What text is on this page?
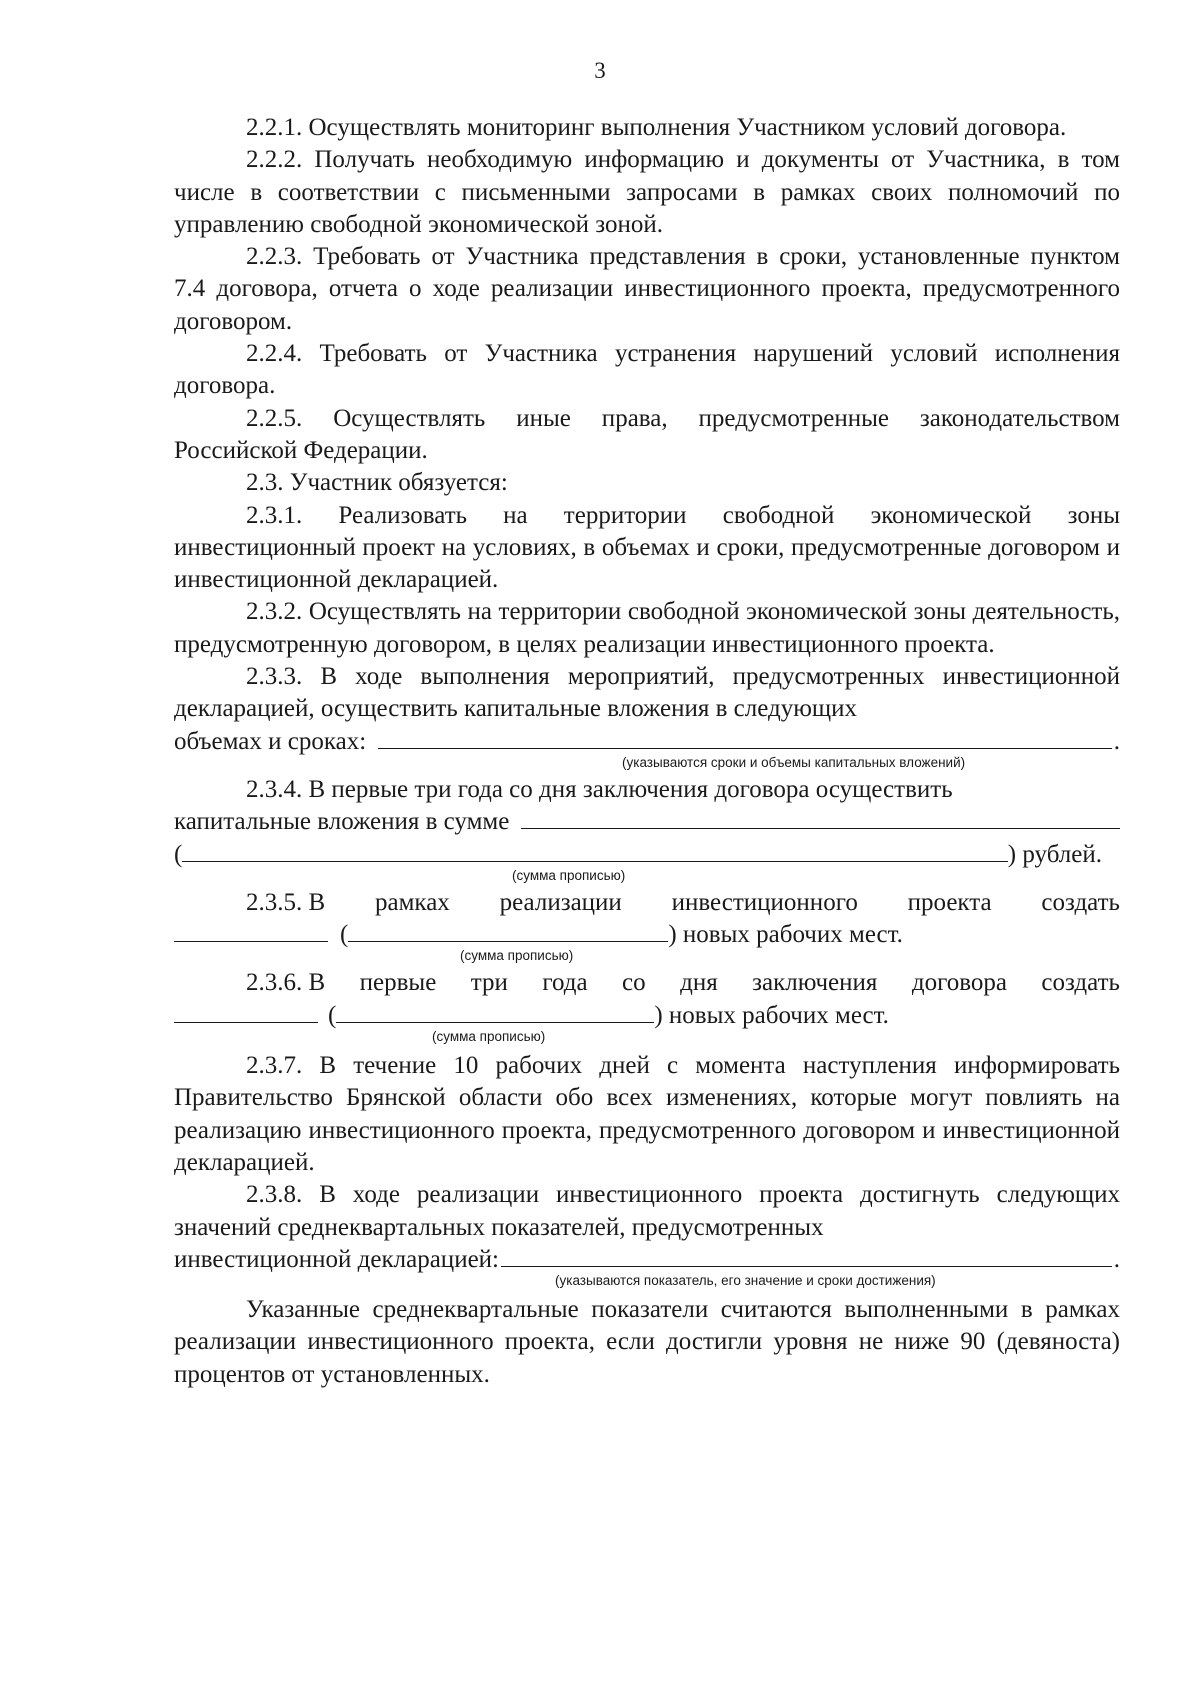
3

2.2.1. Осуществлять мониторинг выполнения Участником условий договора.

2.2.2. Получать необходимую информацию и документы от Участника, в том числе в соответствии с письменными запросами в рамках своих полномочий по управлению свободной экономической зоной.

2.2.3. Требовать от Участника представления в сроки, установленные пунктом 7.4 договора, отчета о ходе реализации инвестиционного проекта, предусмотренного договором.

2.2.4. Требовать от Участника устранения нарушений условий исполнения договора.

2.2.5. Осуществлять иные права, предусмотренные законодательством Российской Федерации.

2.3. Участник обязуется:

2.3.1. Реализовать на территории свободной экономической зоны инвестиционный проект на условиях, в объемах и сроки, предусмотренные договором и инвестиционной декларацией.

2.3.2. Осуществлять на территории свободной экономической зоны деятельность, предусмотренную договором, в целях реализации инвестиционного проекта.

2.3.3. В ходе выполнения мероприятий, предусмотренных инвестиционной декларацией, осуществить капитальные вложения в следующих

объемах и сроках:	.
(указываются сроки и объемы капитальных вложений)

2.3.4. В первые три года со дня заключения договора осуществить

капитальные вложения в сумме
(	) рублей.
(сумма прописью)
2.3.5. В рамках реализации инвестиционного проекта создать
(	) новых рабочих мест.
(сумма прописью)
2.3.6. В первые три года со дня заключения договора создать
(	) новых рабочих мест.
(сумма прописью)

2.3.7. В течение 10 рабочих дней с момента наступления информировать Правительство Брянской области обо всех изменениях, которые могут повлиять на реализацию инвестиционного проекта, предусмотренного договором и инвестиционной декларацией.

2.3.8. В ходе реализации инвестиционного проекта достигнуть следующих значений среднеквартальных показателей, предусмотренных

инвестиционной декларацией:	.
(указываются показатель, его значение и сроки достижения)

Указанные среднеквартальные показатели считаются выполненными в рамках реализации инвестиционного проекта, если достигли уровня не ниже 90 (девяноста) процентов от установленных.
